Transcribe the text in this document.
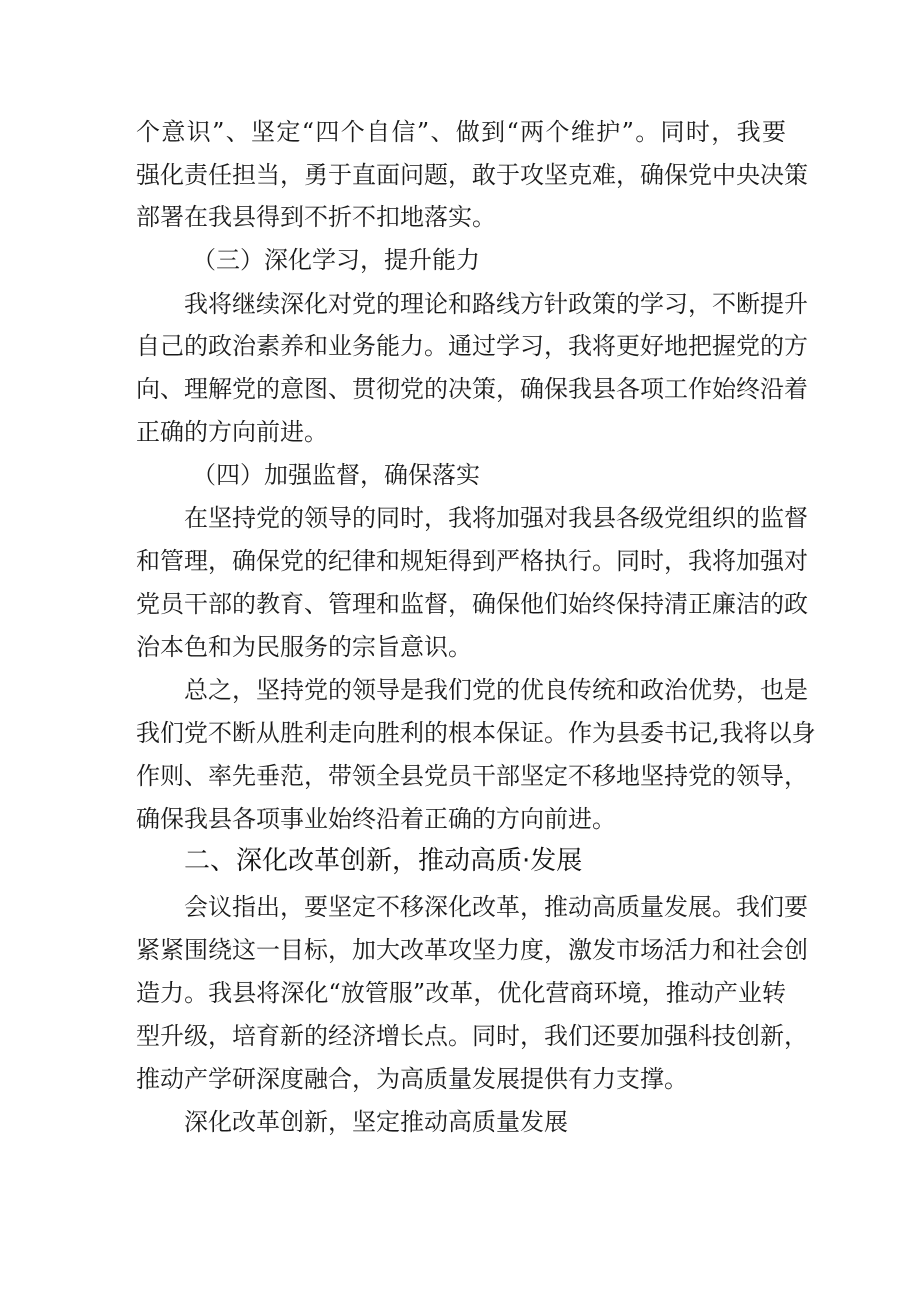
个意识”、坚定“四个自信”、做到“两个维护”。同时，我要
强化责任担当，勇于直面问题，敢于攻坚克难，确保党中央决策
部署在我县得到不折不扣地落实。
（三）深化学习，提升能力
我将继续深化对党的理论和路线方针政策的学习，不断提升
自己的政治素养和业务能力。通过学习，我将更好地把握党的方
向、理解党的意图、贯彻党的决策，确保我县各项工作始终沿着
正确的方向前进。
（四）加强监督，确保落实
在坚持党的领导的同时，我将加强对我县各级党组织的监督
和管理，确保党的纪律和规矩得到严格执行。同时，我将加强对
党员干部的教育、管理和监督，确保他们始终保持清正廉洁的政
治本色和为民服务的宗旨意识。
总之，坚持党的领导是我们党的优良传统和政治优势，也是
我们党不断从胜利走向胜利的根本保证。作为县委书记,我将以身
作则、率先垂范，带领全县党员干部坚定不移地坚持党的领导，
确保我县各项事业始终沿着正确的方向前进。
二、深化改革创新，推动高质·发展
会议指出，要坚定不移深化改革，推动高质量发展。我们要
紧紧围绕这一目标，加大改革攻坚力度，激发市场活力和社会创
造力。我县将深化“放管服”改革，优化营商环境，推动产业转
型升级，培育新的经济增长点。同时，我们还要加强科技创新，
推动产学研深度融合，为高质量发展提供有力支撑。
深化改革创新，坚定推动高质量发展
